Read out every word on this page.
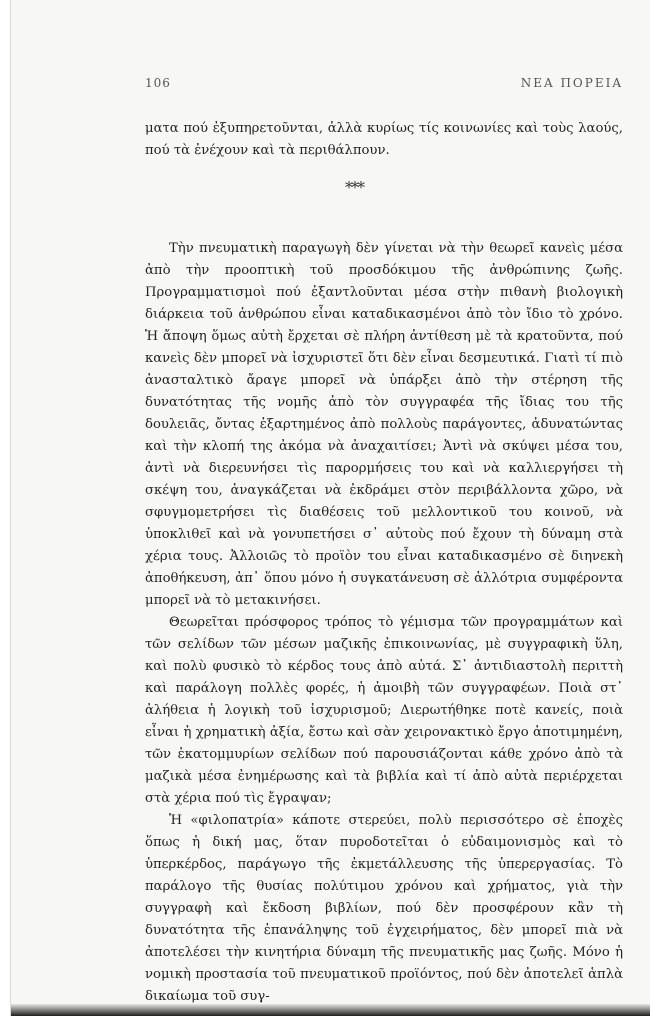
106	ΝΕΑ ΠΟΡΕΙΑ

ματα πού ἐξυπηρετοῦνται, ἀλλὰ κυρίως τίς κοινωνίες καὶ τοὺς λαούς, πού τὰ ἐνέχουν καὶ τὰ περιθάλπουν.

***

Τὴν πνευματικὴ παραγωγὴ δὲν γίνεται νὰ τὴν θεωρεῖ κανεὶς μέσα ἀπὸ τὴν προοπτικὴ τοῦ προσδόκιμου τῆς ἀνθρώπινης ζωῆς. Προγραμματισμοὶ πού ἐξαντλοῦνται μέσα στὴν πιθανὴ βιολογικὴ διάρκεια τοῦ ἀνθρώπου εἶναι καταδικασμένοι ἀπὸ τὸν ἴδιο τὸ χρόνο. Ἡ ἄποψη ὅμως αὐτὴ ἔρχεται σὲ πλήρη ἀντίθεση μὲ τὰ κρατοῦντα, πού κανεὶς δὲν μπορεῖ νὰ ἰσχυριστεῖ ὅτι δὲν εἶναι δεσμευτικά. Γιατὶ τί πιὸ ἀνασταλτικὸ ἄραγε μπορεῖ νὰ ὑπάρξει ἀπὸ τὴν στέρηση τῆς δυνατότητας τῆς νομῆς ἀπὸ τὸν συγγραφέα τῆς ἴδιας του τῆς δουλειᾶς, ὄντας ἐξαρτημένος ἀπὸ πολλοὺς παράγοντες, ἀδυνατώντας καὶ τὴν κλοπή της ἀκόμα νὰ ἀναχαιτίσει; Ἀντὶ νὰ σκύψει μέσα του, ἀντὶ νὰ διερευνήσει τὶς παρορμήσεις του καὶ νὰ καλλιεργήσει τὴ σκέψη του, ἀναγκάζεται νὰ ἐκδράμει στὸν περιβάλλοντα χῶρο, νὰ σφυγμομετρήσει τὶς διαθέσεις τοῦ μελλοντικοῦ του κοινοῦ, νὰ ὑποκλιθεῖ καὶ νὰ γονυπετήσει σ᾽ αὐτοὺς πού ἔχουν τὴ δύναμη στὰ χέρια τους. Ἀλλοιῶς τὸ προϊὸν του εἶναι καταδικασμένο σὲ διηνεκὴ ἀποθήκευση, ἀπ᾽ ὅπου μόνο ἡ συγκατάνευση σὲ ἀλλότρια συμφέροντα μπορεῖ νὰ τὸ μετακινήσει.

Θεωρεῖται πρόσφορος τρόπος τὸ γέμισμα τῶν προγραμμάτων καὶ τῶν σελίδων τῶν μέσων μαζικῆς ἐπικοινωνίας, μὲ συγγραφικὴ ὕλη, καὶ πολὺ φυσικὸ τὸ κέρδος τους ἀπὸ αὐτά. Σ᾽ ἀντιδιαστολὴ περιττὴ καὶ παράλογη πολλὲς φορές, ἡ ἀμοιβὴ τῶν συγγραφέων. Ποιὰ στ᾽ ἀλήθεια ἡ λογικὴ τοῦ ἰσχυρισμοῦ; Διερωτήθηκε ποτὲ κανείς, ποιὰ εἶναι ἡ χρηματικὴ ἀξία, ἔστω καὶ σὰν χειρονακτικὸ ἔργο ἀποτιμημένη, τῶν ἑκατομμυρίων σελίδων πού παρουσιάζονται κάθε χρόνο ἀπὸ τὰ μαζικὰ μέσα ἐνημέρωσης καὶ τὰ βιβλία καὶ τί ἀπὸ αὐτὰ περιέρχεται στὰ χέρια πού τὶς ἔγραψαν;

Ἡ «φιλοπατρία» κάποτε στερεύει, πολὺ περισσότερο σὲ ἐποχὲς ὅπως ἡ δική μας, ὅταν πυροδοτεῖται ὁ εὐδαιμονισμὸς καὶ τὸ ὑπερκέρδος, παράγωγο τῆς ἐκμετάλλευσης τῆς ὑπερεργασίας. Τὸ παράλογο τῆς θυσίας πολύτιμου χρόνου καὶ χρήματος, γιὰ τὴν συγγραφὴ καὶ ἔκδοση βιβλίων, πού δὲν προσφέρουν κἂν τὴ δυνατότητα τῆς ἐπανάληψης τοῦ ἐγχειρήματος, δὲν μπορεῖ πιὰ νὰ ἀποτελέσει τὴν κινητήρια δύναμη τῆς πνευματικῆς μας ζωῆς. Μόνο ἡ νομικὴ προστασία τοῦ πνευματικοῦ προϊόντος, πού δὲν ἀποτελεῖ ἁπλὰ δικαίωμα τοῦ συγ-
